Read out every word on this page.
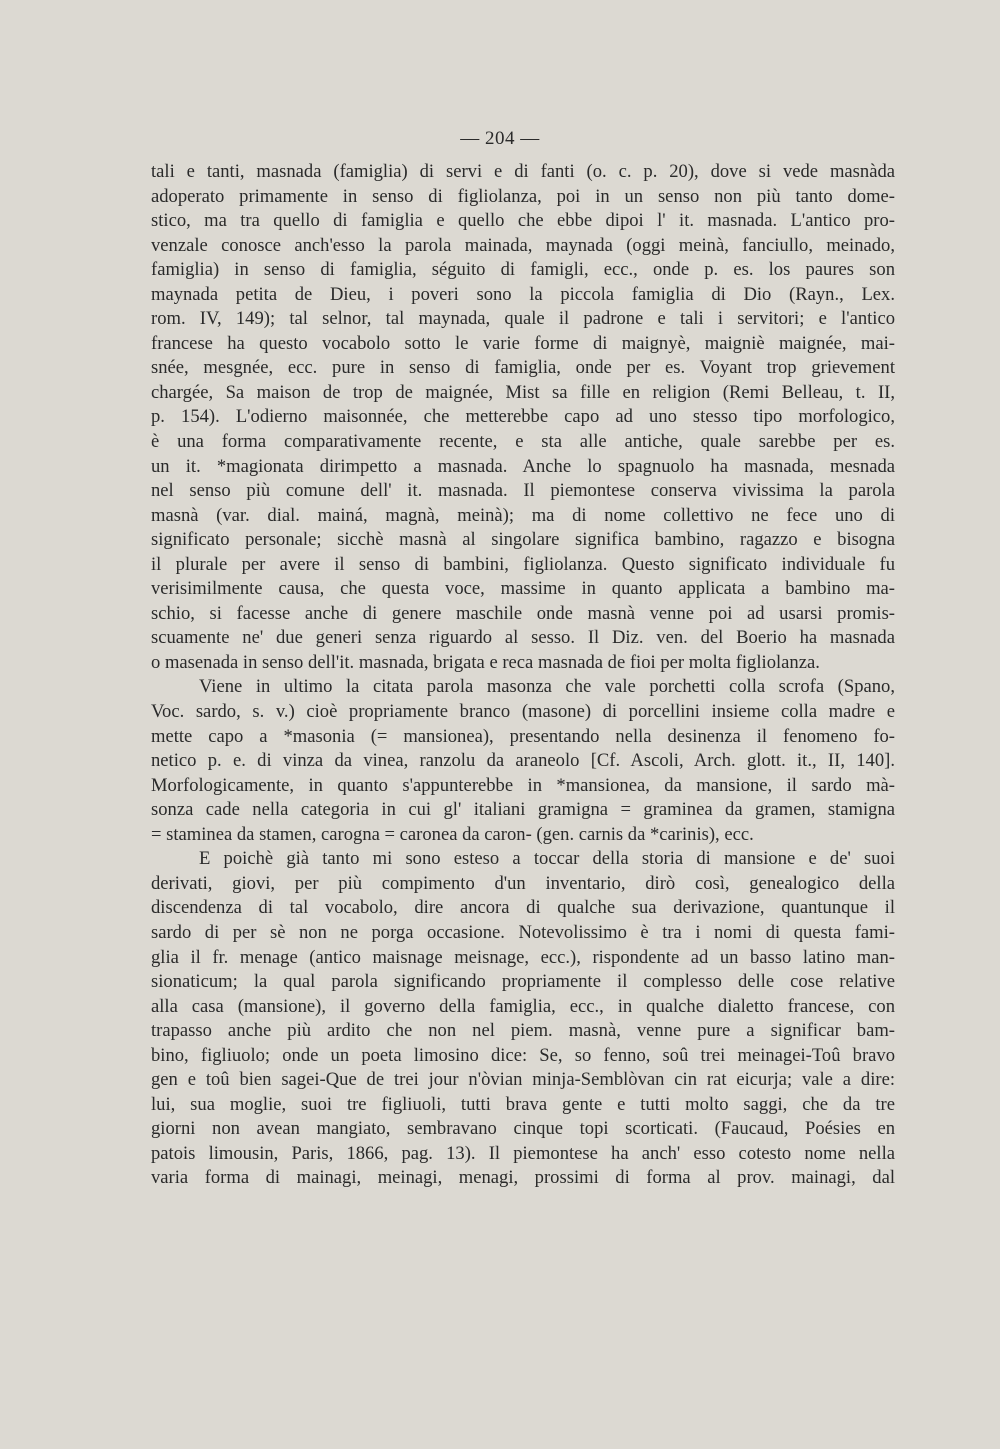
— 204 —
tali e tanti, masnada (famiglia) di servi e di fanti (o. c. p. 20), dove si vede masnàda
adoperato primamente in senso di figliolanza, poi in un senso non più tanto dome-
stico, ma tra quello di famiglia e quello che ebbe dipoi l' it. masnada. L'antico pro-
venzale conosce anch'esso la parola mainada, maynada (oggi meinà, fanciullo, meinado,
famiglia) in senso di famiglia, séguito di famigli, ecc., onde p. es. los paures son
maynada petita de Dieu, i poveri sono la piccola famiglia di Dio (Rayn., Lex.
rom. IV, 149); tal selnor, tal maynada, quale il padrone e tali i servitori; e l'antico
francese ha questo vocabolo sotto le varie forme di maignyè, maigniè maignée, mai-
snée, mesgnée, ecc. pure in senso di famiglia, onde per es. Voyant trop grievement
chargée, Sa maison de trop de maignée, Mist sa fille en religion (Remi Belleau, t. II,
p. 154). L'odierno maisonnée, che metterebbe capo ad uno stesso tipo morfologico,
è una forma comparativamente recente, e sta alle antiche, quale sarebbe per es.
un it. *magionata dirimpetto a masnada. Anche lo spagnuolo ha masnada, mesnada
nel senso più comune dell' it. masnada. Il piemontese conserva vivissima la parola
masnà (var. dial. mainá, magnà, meinà); ma di nome collettivo ne fece uno di
significato personale; sicchè masnà al singolare significa bambino, ragazzo e bisogna
il plurale per avere il senso di bambini, figliolanza. Questo significato individuale fu
verisimilmente causa, che questa voce, massime in quanto applicata a bambino ma-
schio, si facesse anche di genere maschile onde masnà venne poi ad usarsi promis-
scuamente ne' due generi senza riguardo al sesso. Il Diz. ven. del Boerio ha masnada
o masenada in senso dell'it. masnada, brigata e reca masnada de fioi per molta figliolanza.
Viene in ultimo la citata parola masonza che vale porchetti colla scrofa (Spano,
Voc. sardo, s. v.) cioè propriamente branco (masone) di porcellini insieme colla madre e
mette capo a *masonia (= mansionea), presentando nella desinenza il fenomeno fo-
netico p. e. di vinza da vinea, ranzolu da araneolo [Cf. Ascoli, Arch. glott. it., II, 140].
Morfologicamente, in quanto s'appunterebbe in *mansionea, da mansione, il sardo mà-
sonza cade nella categoria in cui gl' italiani gramigna = graminea da gramen, stamigna
= staminea da stamen, carogna = caronea da caron- (gen. carnis da *carinis), ecc.
E poichè già tanto mi sono esteso a toccar della storia di mansione e de' suoi
derivati, giovi, per più compimento d'un inventario, dirò così, genealogico della
discendenza di tal vocabolo, dire ancora di qualche sua derivazione, quantunque il
sardo di per sè non ne porga occasione. Notevolissimo è tra i nomi di questa fami-
glia il fr. menage (antico maisnage meisnage, ecc.), rispondente ad un basso latino man-
sionaticum; la qual parola significando propriamente il complesso delle cose relative
alla casa (mansione), il governo della famiglia, ecc., in qualche dialetto francese, con
trapasso anche più ardito che non nel piem. masnà, venne pure a significar bam-
bino, figliuolo; onde un poeta limosino dice: Se, so fenno, soû trei meinagei-Toû bravo
gen e toû bien sagei-Que de trei jour n'òvian minja-Semblòvan cin rat eicurja; vale a dire:
lui, sua moglie, suoi tre figliuoli, tutti brava gente e tutti molto saggi, che da tre
giorni non avean mangiato, sembravano cinque topi scorticati. (Faucaud, Poésies en
patois limousin, Paris, 1866, pag. 13). Il piemontese ha anch' esso cotesto nome nella
varia forma di mainagi, meinagi, menagi, prossimi di forma al prov. mainagi, dal
